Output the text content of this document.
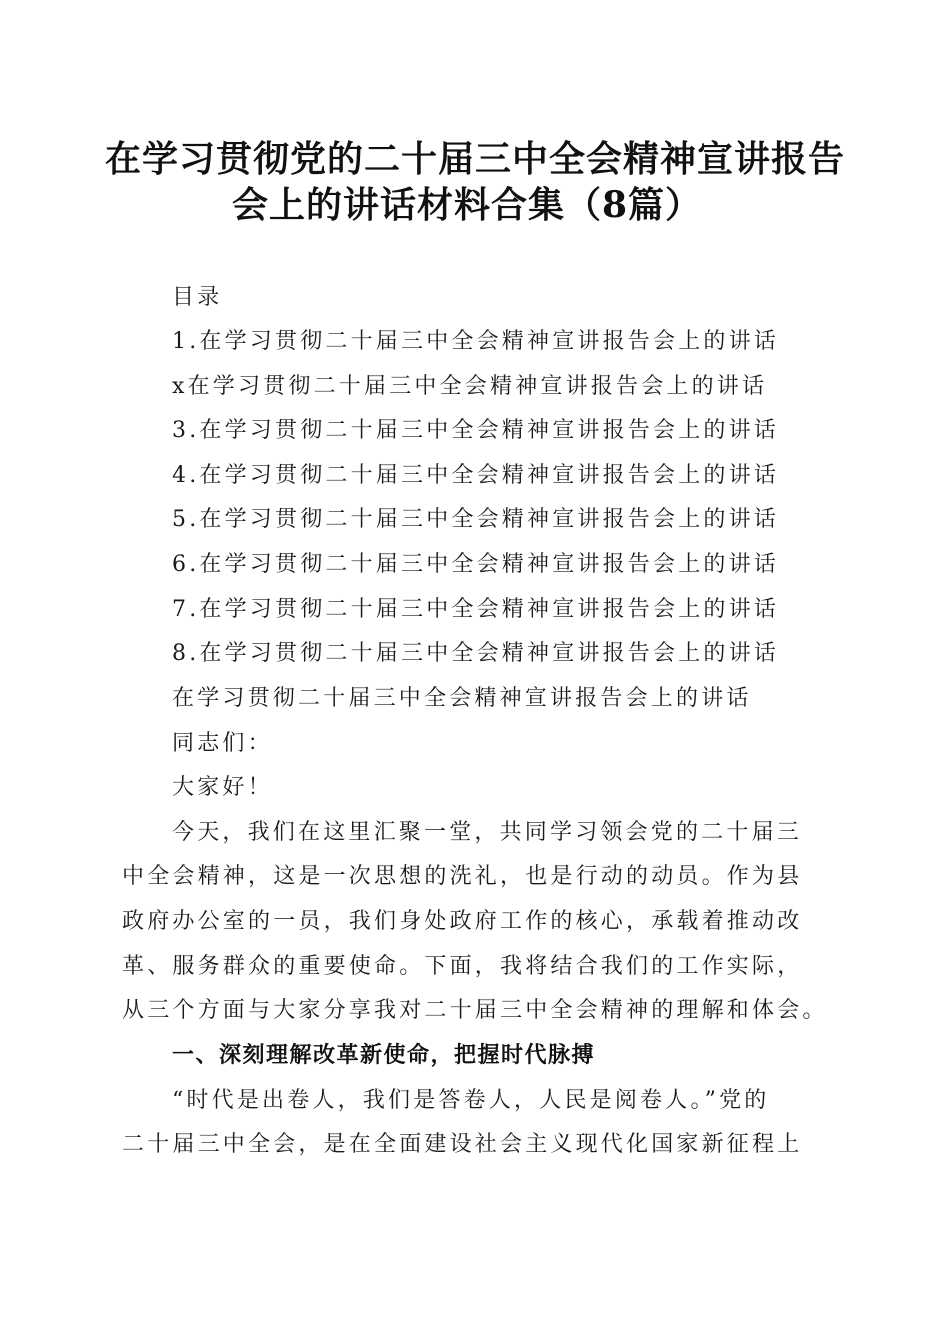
在学习贯彻党的二十届三中全会精神宣讲报告
会上的讲话材料合集（8篇）
目录
1.在学习贯彻二十届三中全会精神宣讲报告会上的讲话
x在学习贯彻二十届三中全会精神宣讲报告会上的讲话
3.在学习贯彻二十届三中全会精神宣讲报告会上的讲话
4.在学习贯彻二十届三中全会精神宣讲报告会上的讲话
5.在学习贯彻二十届三中全会精神宣讲报告会上的讲话
6.在学习贯彻二十届三中全会精神宣讲报告会上的讲话
7.在学习贯彻二十届三中全会精神宣讲报告会上的讲话
8.在学习贯彻二十届三中全会精神宣讲报告会上的讲话
在学习贯彻二十届三中全会精神宣讲报告会上的讲话
同志们：
大家好！
今天，我们在这里汇聚一堂，共同学习领会党的二十届三
中全会精神，这是一次思想的洗礼，也是行动的动员。作为县
政府办公室的一员，我们身处政府工作的核心，承载着推动改
革、服务群众的重要使命。下面，我将结合我们的工作实际，
从三个方面与大家分享我对二十届三中全会精神的理解和体会。
一、深刻理解改革新使命，把握时代脉搏
“时代是出卷人，我们是答卷人，人民是阅卷人。”党的
二十届三中全会，是在全面建设社会主义现代化国家新征程上
